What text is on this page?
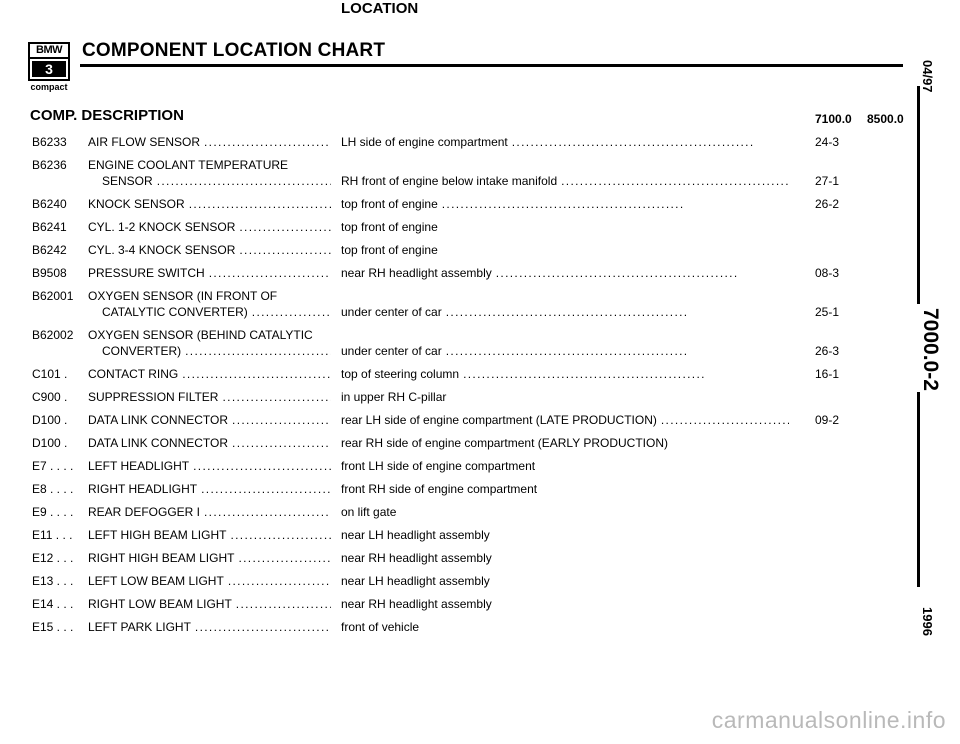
BMW
3
compact
COMPONENT LOCATION CHART
COMP. DESCRIPTION
LOCATION
7100.0 8500.0
B6233	AIR FLOW SENSOR . . .	LH side of engine compartment . . .	24-3
B6236	ENGINE COOLANT TEMPERATURE
SENSOR . . .	RH front of engine below intake manifold . . .	27-1
B6240	KNOCK SENSOR . . .	top front of engine . . .	26-2
B6241	CYL. 1-2 KNOCK SENSOR . . .	top front of engine
B6242	CYL. 3-4 KNOCK SENSOR . . .	top front of engine
B9508	PRESSURE SWITCH . . .	near RH headlight assembly . . .	08-3
B62001	OXYGEN SENSOR (IN FRONT OF
CATALYTIC CONVERTER) . . .	under center of car . . .	25-1
B62002	OXYGEN SENSOR (BEHIND CATALYTIC
CONVERTER) . . .	under center of car . . .	26-3
C101 .	CONTACT RING . . .	top of steering column . . .	16-1
C900 .	SUPPRESSION FILTER . . .	in upper RH C-pillar
D100 .	DATA LINK CONNECTOR . . .	rear LH side of engine compartment (LATE PRODUCTION) . . .	09-2
D100 .	DATA LINK CONNECTOR . . .	rear RH side of engine compartment (EARLY PRODUCTION)
E7 . . . .	LEFT HEADLIGHT . . .	front LH side of engine compartment
E8 . . . .	RIGHT HEADLIGHT . . .	front RH side of engine compartment
E9 . . . .	REAR DEFOGGER I . . .	on lift gate
E11 . . .	LEFT HIGH BEAM LIGHT . . .	near LH headlight assembly
E12 . . .	RIGHT HIGH BEAM LIGHT . . .	near RH headlight assembly
E13 . . .	LEFT LOW BEAM LIGHT . . .	near LH headlight assembly
E14 . . .	RIGHT LOW BEAM LIGHT . . .	near RH headlight assembly
E15 . . .	LEFT PARK LIGHT . . .	front of vehicle
04/97
7000.0-2
1996
carmanualsonline.info
